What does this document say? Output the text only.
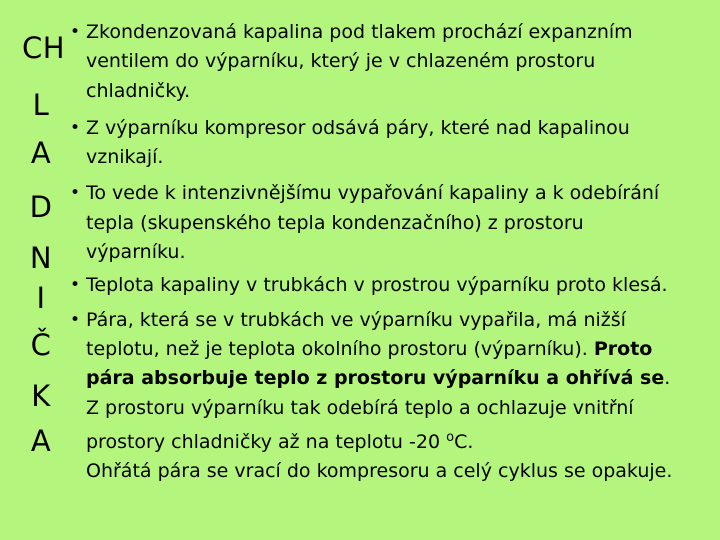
CH
L
A
D
N
I
Č
K
A
• Zkondenzovaná kapalina pod tlakem prochází expanzním
ventilem do výparníku, který je v chlazeném prostoru
chladničky.
• Z výparníku kompresor odsává páry, které nad kapalinou
vznikají.
• To vede k intenzivnějšímu vypařování kapaliny a k odebírání
tepla (skupenského tepla kondenzačního) z prostoru
výparníku.
• Teplota kapaliny v trubkách v prostrou výparníku proto klesá.
• Pára, která se v trubkách ve výparníku vypařila, má nižší
teplotu, než je teplota okolního prostoru (výparníku). Proto
pára absorbuje teplo z prostoru výparníku a ohřívá se.
Z prostoru výparníku tak odebírá teplo a ochlazuje vnitřní
prostory chladničky až na teplotu -20 $^o$C.
Ohřátá pára se vrací do kompresoru a celý cyklus se opakuje.
